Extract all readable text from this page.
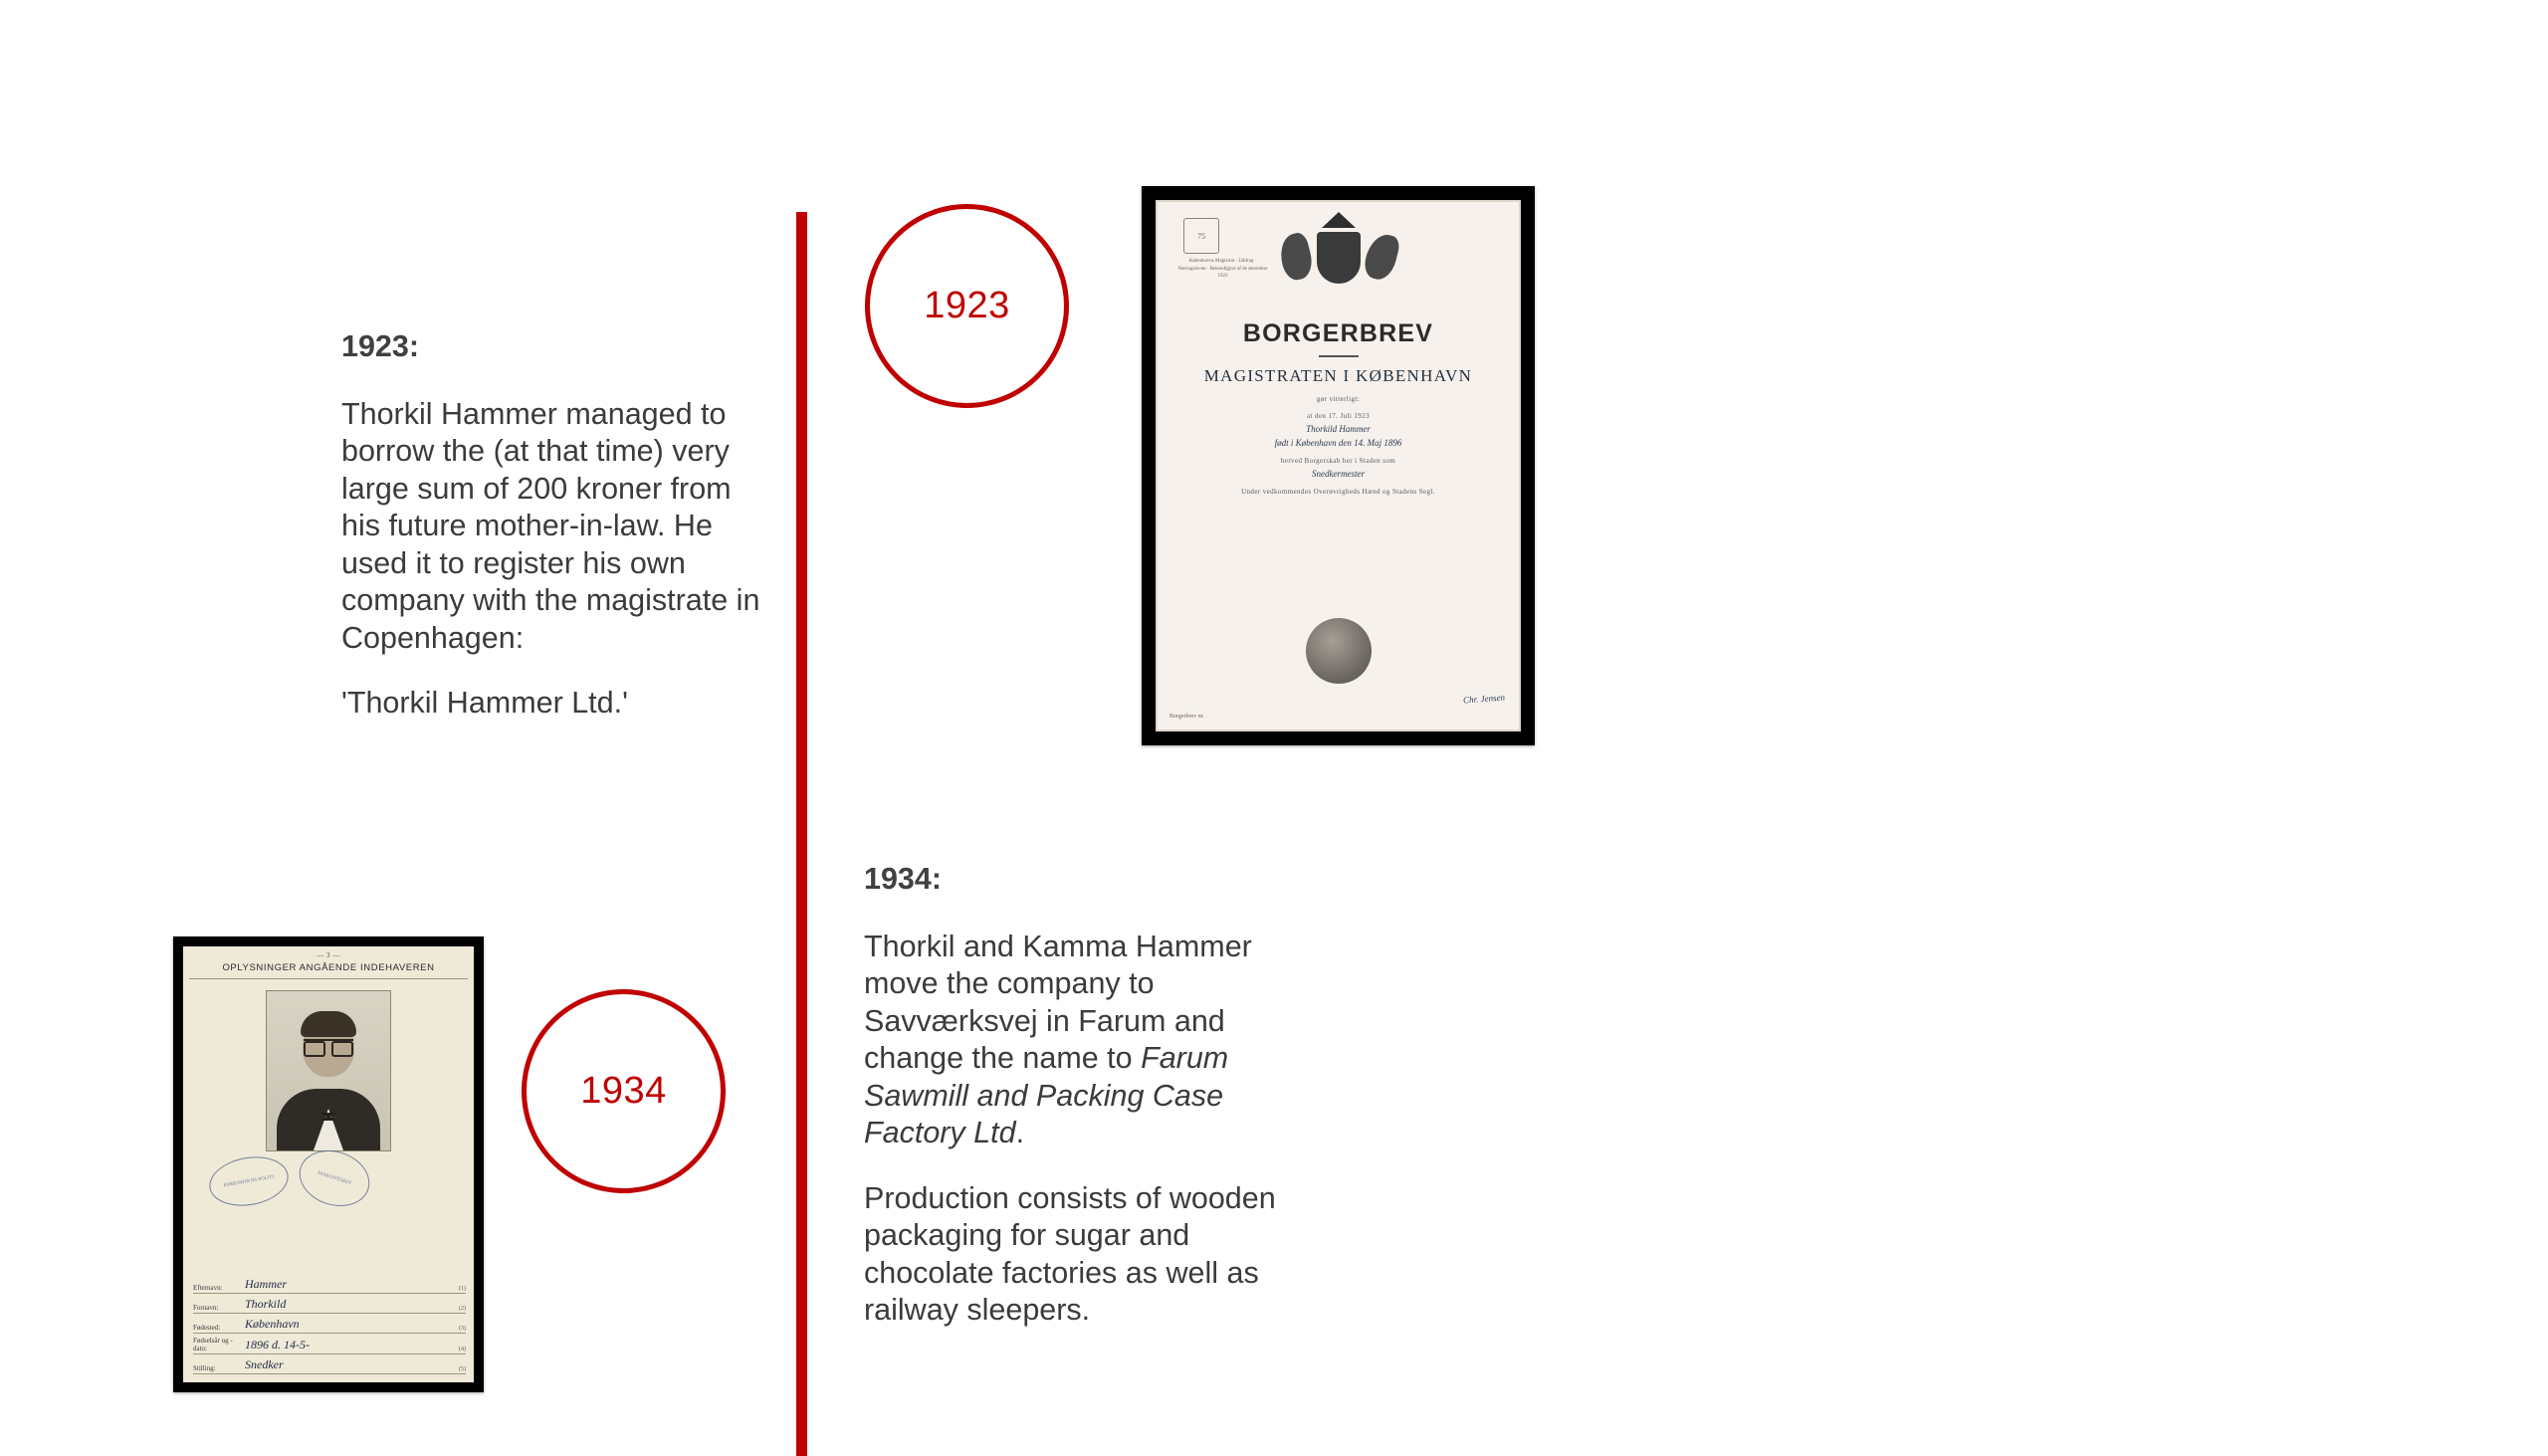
1923
1934

1923:

Thorkil Hammer managed to borrow the (at that time) very large sum of 200 kroner from his future mother-in-law. He used it to register his own company with the magistrate in Copenhagen:

'Thorkil Hammer Ltd.'

1934:

Thorkil and Kamma Hammer move the company to Savværksvej in Farum and change the name to Farum Sawmill and Packing Case Factory Ltd.

Production consists of wooden packaging for sugar and chocolate factories as well as railway sleepers.

75
Københavns Magistrat · Uddrag · Næringsloven · Bekendtgjort af de december 1923
BORGERBREV
MAGISTRATEN I KØBENHAVN
gør vitterligt:
at den 17. Juli 1923
Thorkild Hammer
født i København den 14. Maj 1896
herved Borgerskab her i Staden som
Snedkermester
Under vedkommendes Overøvrigheds Hænd og Stadens Segl.
Chr. Jensen
Borgerbrev nr.
— 3 —
OPLYSNINGER ANGÅENDE INDEHAVEREN
KØBENHAVNS POLITI	PASKONTORET
Efternavn:	Hammer	(1)
Fornavn:	Thorkild	(2)
Fødested:	København	(3)
Fødselsår og -dato:	1896 d. 14-5-	(4)
Stilling:	Snedker	(5)
